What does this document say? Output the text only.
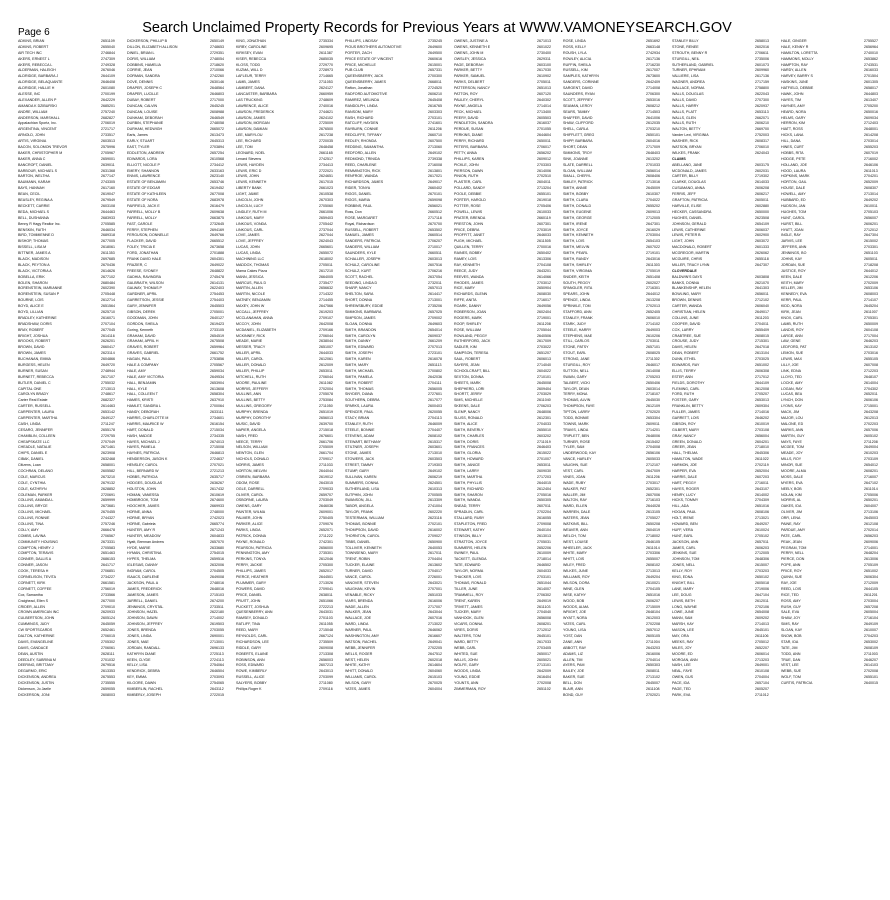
Page 6	Search Unclaimed Property Records for Previous Years at WWW.VAMONEYSEARCH.GOV
ADKINS, BRIAN	2651109
ADKINS, ROBERT	2655040
AIR TECH INC	2746844
AKERS, ERNEST L	2747309
AKERS, REBECCA L	2749328
ALDERMAN, HALEIGH	2676046
ALDRIDGE, BARBARA J	2644109
ALDRIDGE, BELAQUANTE	2646408
ALDRIDGE, HALLIE H	2601080
ALESSE, INC	2700199
ALEXANDER, ALLEN P	2642229
AMANDA K DZIBURSKI	2685201
ANDRE, WILLIAM	2757240
ANDERSON, MARSHALL	2682827
Appalachian Sportz, Inc.	2706019
ARGENTINA, VINCENT	2721717
ARNOLD, JOHN	2733517
ARTIS, VIRGINIA	2603513
BACON, SOLOMON TREVOR	2575996
BAKER, CHRISTOPHER M	2705967
BAKER, ANNA C	2659001
BANCROFT, DANIEL	2639011
BARBOUR, MICHAEL S	2631368
BARTON, WELTHA	2677147
BAUMANN, KARAH	2743305
BAYS, HANNAH	2617160
BEAN, CECIL	2619047
BEASLEY, REGINA A	2679549
BECKETT, CARRIE	2603108
BEDA, MICHAEL S	2644463
BELL, DUSHANNA	2683933
Benny R Hagy Realtor Inc.	2705585
BENSKIN, FAITH	2646034
BIRD, TOMMIENNE D	2689318
BISHOP, THOMAS	2677005
BISSELL, LISA M	2618061
BITTNER, JAMES A	2611353
BLACK, MADISON	2697685
BLACK, PEYTON A	2670436
BLACK, VICTORIA A	2614626
BOBELLA, ERIK	2677102
BOLEN, SHARON	2680484
BORENSTEIN, MARIANNE	2602390
BORENSTEIN, SUSAN P	2705448
BOURNE, LOIS	2612714
BOYD, ALICE E	2651564
BOYD, LILLIAN	2625710
BRADLEY, KATHERINE	2616071
BRADSHAW, DORIS	2707104
BRAY, ROBERT	2677045
BRIGHT, JOSHUA	2614116
BROOKS, ROBERT	2626201
BROWN, DAVID	2660417
BROWN, JAMES	2623114
BUCHANAN, EMMA	2604866
BURGESS, HELEN	2649720
BURNER, SUSAN	2748944
BURNETT, REBECCA	2617107
BUTLER, DANIEL C	2755032
CAPITAL ONE	2713013
CAROLYN BRADY	2748617
Carter Real Estate	2682327
CARTER, RUSSELL	2614463
CARPENTER, LAURA	2653142
CARPENTER, MARTHA	2649127
CASH, LINDA	2711247
CESARO, JENNIFER	2655178
CHAMBLIN, COLLEEN	2729755
CHEAPSKATE LLC	2707049
CHEADLE, NATALIE	2671461
CHIPS, DANIEL E	2623908
CIBAK, DANIEL	2632468
Citizens, Loan	2658001
COCHRAN, DELANO	2605582
COLE, MARCUS	2673210
COLE, CYNTHIA	2679132
COLE, KATHRYN	2628852
COLEMAN, PARKER	2720691
COLLINS, AMANDA L	2659999
COLLINS, BRYCE	2673681
COLLINS, MICHAEL	2670455
COLLINS, RONNIE	2744327
COLLINS, TINA	2757246
COLLY, AMY	2666478
COMBS, LAVINA	2706567
COMMUNITY HOUSING	2673331
COMPTON, HENRY J	2705583
COMPTON, TERAVIS	2651463
CONNER, DALLIS A	2686153
CONNER, JASON	2641717
COOK, TERESA H	2706851
CORNELISON, TEVITA	2734227
CORNETT, KIRK	2661581
CORNETT, COFFEE	2756019
Cox, Samantha	2733566
Craighead, Ellen S	2677000
CRIDER, ALLEN	2709010
CROWN AMERICAN INC	2620933
CULBERTSON, JOHN	2605124
CUMMINGS, JUDY	2645059
CW SPORTSCARDS	2652461
DALTON, KATHERINE	2706015
DAVIS, EVANGELINE	2705302
DAVIS, CANDACE	2706061
DEAN, AUSTIN	2628111
DEEDLEY, SABRINA M	2701032
DEERING, BRITTANY	2679516
DEGARMO, ERIC	2613353
DICKENSON, ANDREA	2675553
DICKENSON, JUSTIN	2735555
Dickenson, Jo Jaelle	2659055
DICKERSON, JONI	2608003
DICKERSON, PHILLIP B	2650149
DILLON, ELIZABETH ALLISON	2748653
DINIEL, BRIAN L	2729351
DORIS, WILLIAM	2748054
DOBBINS, HAMELIA	2718620
CORRIE, JEAN	2710066
DORMAN, SANDRA	2742260
DOVE, DENNIS	2630146
DRAPER, JOSEPH C	2648564
DRAPER, LUCILLE	2646803
DUBAY, ROBERT	2717000
DUNCAN, CALVIN	2645245
DUNCAN, LOUISE	2608988
DUNHAM, DEBORAH	2646549
DURBIN, STEPHANIE	2748058
DURHAM, HEDWIGH	2665072
Earls, James	2613473
EARLY, STUART	2645313
EAST, TYLER	2703894
EDDLETON, ANDREW	2657254
EDWARDS, LORA	2610568
ELLIOTT, NICOLE P	2734412
EMERY, SHANNON	2633163
ENNIS, LAWRENCE	2623140
ESTATE OF BENJAMIN	2653746
ESTATE OF EDGAR	2619452
ESTATE OF KATHLEEN	2677008
ESTATE OF NORA	2683978
FAIRFIELD, JACK E	2616479
FARRELL, MOLLY B	2609638
FARRELL, MOLLY	2663875
FAST, CAROLE	2732645
FERRY, STEPHEN	2694169
FERGUSON, DONNELLE	2649766
FLACKER, DAVID	2665512
FOLEY, TRICIA E	2673658
FORD, JONATHAN	2701888
FRANK DAVID HALE	2604301
FRAZIER, C	2649022
FREESE, SYDNEY	2648822
GADHIA, RAVINDRA	2745478
GALBRAITH, WILSON	2614131
GALWAY, THOMAS P	2622403
GARDNER, APRIL	2754453
GARRETSON, JESSIE	2754403
GARY, JENNIFER	2645503
GIBSON, DEREK	2705001
GOODMAN, JOHN	2640127
GORDON, SHEILA	2619423
Goring, Kenneth	2733105
GRAHAM, DAVID	2654519
GRAHAM, APRIL H	2675508
GRAVES, ROBERT	2659964
GRAVES, GABRIEL	2661752
HAGAN, PAUL	2753856
HALE & COMPANY	2705567
HALE, AMY	2659034
HALE, AMY VICTORIA	2649534
HALL, BENJAMIN	2653904
HALL, KYLE	2613608
HALL, COLLEEN T	2658304
HAMES, KRISTI	2637910
HAMLET, SANDRA L	2700064
HANDY, DEBORAH	2633111
HARRIS, CHARLOTTE M	2734601
HARRIS, MAURICE W	2616154
HART, DONALD	2715034
HASH, MADGE	2734335
HAYES, MICHAEL J	2674013
HAYES, PAMELA	2715008
HAYNES, PATRICIA	2646813
HENDERSON, JASON K	2724637
HENSLEY, CAROL	2707021
HILL, BERNARD W	2721213
HOBBS, PATRICIA	2635717
HODGES, DOUGLAS	2636267
HOLSTON, JOHN	2617432
HOMAN, VANESSA	2610619
HOMBROOK, TOM	2674600
HOOCHER, JAMES	2669933
HORNE, ANNA	2748000
HORNE, BRYAN	2742023
HORNE, Gabriela	2665774
HUNTER, AMY R	2671243
HUNTER, MEADOW	2604833
Hyatt, Brennan Andrew	2657070
HYDE, MARIE	2633680
HYMAN, CHRISTINA	2754015
HYPES, THELMA	2659516
IGLESIAS, DANNY	2632006
INGRAM, CAROL	2704505
ISAACS, DARLENE	2649008
JACKSON, PAUL A	2748016
JAMES, FREDERICK	2648016
JAMESON, JAMES	2715103
JARRELL, DANIEL	2674200
JENNINGS, CRYSTAL	2733511
JOHNSON, HAZEL	2622180
JOHNSON, DAWN	2714002
JOHNSON, JEFFREY	2619503
JONES, BRENDA	2703055
JONES, LINDA	2690001
JONES, MAE	2713001
JORDAN, RANDALL	2696133
KATHRYN DIANE	2725113
KEEN, CLYDE	2724113
KELLY, LISA	2754064
KENDRICK, DEBRA	2646504
KEY, EMMA	2703093
KILGORE, DAWN	2754065
KIMBERLIN, RACHEL	2643112
KIMBERLY, JOSEPH	2722015
KING, JONATHAN	2735334
KIRBY, CAROLINE	2609695
KIRKSEY, EVAN	2611387
KISER, REBECCA	2685035
KLOSS, TODD	2729770
KUZMA, WILL D	2728973
LAFLEUR, TERRY	2714665
LAMB, JAMES	2711053
LAMBERT, DANA	2624127
LANCASTER, BARBARA	2660959
LAS TRUCKING	2748609
LAWRENCE, ALICE	2740016
LAWSON, FREDERICK	2744621
LAWSON, JAMES	2624102
LAWSON, MORGAN	2725009
LAWSON, DAMIAN	2676500
LEE, MARYLOU	2617238
LEE, RICHARD	2720035
LEE, TOM	2648458
LEONARD, NOEL	2661165
Lenard Stevens	2742517
LEWIS, HAYDEN	2734413
LEWIS, ERIC D	2722021
LEWIS, JOHN	2624651
LEWIS, KENNETH	2617015
LIBERTY BANK	2661023
LIGHT, JAMIE	2610538
LINCOLN, JOHN	2670303
LINCOLN, LUCY	2705060
LINDLEY, RUTH M	2661006
LINKOUS, MARY	2659403
LINKOUS, VONDA	2705442
LINKOUS, CARL	2737044
LOVE, JAMES	2627044
LOVE, JEFFREY	2624043
LUCAS, JOHN	2665601
LUCAS, LINDA	2655072
MACHINING LLC	2618002
MADDOX, THOMAS	2705011
Mama Cakes Pizza	2617210
MANN, JESSICA	2664005
MARCUS, PAUL D	2735477
MARTIN, ALLEN	2656632
MARTIN, NICOLE	2714322
MATNEY, BENJAMIN	2714455
MAXEY, JOHN W	2647566
MCCALL, JEFFREY	2619203
MCCLANAHAN, ANNA	2709107
MCCOY, JOHN	2642008
MCDANIEL, ELIZABETH	2709166
MCKINNEY, RICK	2706044
MEADE, MARIE	2638044
MESSER, TRACY	2651007
MILLER, APRIL	2644033
MILLER, CAROL	2612061
MILLER, DONALD	2612009
MILLER, PHILLIP	2653011
MITCHELL, RUTH	2706044
MOORE, PAULINE	2611082
MORRIS, JEFFERY	2702004
MULLINS, ANN	2705078
MULLINS, BETTY	2753084
MULLINS, GREGORY	2711050
MURPHY, BRENDA	2651019
MURPHY, DOROTHY	2656013
MUSIC, DAVID	2639700
NAPIER, ANGELA	2715018
NASH, FRED	2676601
NEECE, TERRY	2661706
NELSON, WILLIAM	2705009
NEWTON, GLEN	2661704
NICHOLS, DONALD	2709017
NORRIS, JAMES	2711033
NORTON, MELVIN	2644044
O'BRIEN, BARBARA	2619012
ODOM, ROSE	2643015
OGLE, DARRELL	2709033
OLIVER, CAROL	2659707
OSBORNE, LAURA	2703049
OWENS, GARY	2646036
PAINTER, WILMA	2609001
PALMER, JOHN	2750405
PARKER, ALICE	2709076
PARKS, LINDA	2652071
PATRICK, DONNA	2711222
PAYNE, RONALD	2742301
PEARSON, PATRICIA	2656000
PENNINGTON, AMY	2735301
PERKINS, TONYA	2612046
PERRY, JACKIE	2705300
PHILLIPS, JAMES	2652017
PIERCE, HEATHER	2644501
PLUMMER, GARY	2713026
POWERS, DAVID	2709041
PRICE, DANIEL	2638011
PRUITT, JOHN	2651066
PUCKETT, JOSHUA	2722213
QUESENBERRY, ANN	2643031
RAMSEY, DONALD	2701103
RATLIFF, TINA	2611055
REED, MARY	2715048
REYNOLDS, CARL	2667124
RICHARDSON, LEE	2735509
RIDDLE, GARY	2609008
ROBERTS, ELAINE	2713308
ROBINSON, ANN	2656003
ROSS, EDWARD	2607213
ROWE, KIMBERLY	2643013
RUSSELL, ALICE	2703099
SALYERS, BOBBY	2711080
Phillips Roger K	2709116
PHILLIPS, LINDSAY	2735245
PIOUS BROTHERS AUTOMOTIVE	2649600
PORTER, ZACH	2649500
PRICE ESTATE OF VINCENT	2660616
PRICE, MICHELLE	2615001
PUB CLUB	2657331
QUEENSBERRY, JACK	2700300
QUEENSBERRY, JAMES	2668011
Rafton, Jonathan	2724520
RADFORD AUTOMOTIVE	2606210
RAMIREZ, MELINDA	2645408
RANDOLPH, LINDA	2616765
RANSOM, MARY	2603303
RASH, RICHARD	2703101
RATCLIFF, HAYDEN	2741601
RAYBURN, CONNIE	2611206
REDCLIFFE, TIFFANY	2660710
REDLEY, RHONDA	2607500
REDDING, SAMANTHA	2713060
REDFORD, ALLEN	2649102
REDMOND, TRINIDA	2739338
REED, CHARLENE	2716008
REMMINGTON, RICK	2613801
RENFROE, WANDA	2617021
RICHARDSON, JAMES	2649017
RIDER, TONYA	2660402
RIGGS, DANIEL	2670101
RIGGS, MARIA	2659098
ROBBINS, PAUL	2656021
Ross, Don	2660512
ROSE, MARGARET	2717118
Royal, Richardson	2670700
RUSSELL, ROBERT	2653502
SAMUEL, JAMES	2660514
SANDERS, PATRICIA	2706207
SANDERS, WILLIAM	2710017
SAUNDERS, KYLE	2660511
SCHALLER, JOSEPH	2603013
SCHULZ, CAROLINE	2607516
SCHULZ, KURT	2706216
SCOTT, RACHEL	2637054
SEEDING, LINDA D	2732011
SHARP, NANCY	2657013
SHELTON, SARA	2614417
SHORT, DONNA	2713001
SHREWSBURY, EDDIE	2735206
SIMMONS, BARBARA	2657025
SIMPSON, JAMES	2709002
SLOAN, DONNA	2649603
SMITH, BRANDON	2654014
SMITH, CAROLYN	2609037
SMITH, DANNY	2661209
SMITH, EDWARD	2707013
SMITH, JOSEPH	2723101
SMITH, KAREN	2616078
SMITH, MARY	2651113
SMITH, MICHAEL	2700802
SMITH, PAMELA	2642036
SMITH, ROBERT	2704111
SMITH, THOMAS	2656005
SNYDER, DIANA	2727601
SOUTHERN, DEBRA	2617077
SPARKS, LAURA	2600403
SPENCER, PAUL	2620055
STACY, BRIAN	2704113
STANLEY, RUTH	2646009
STEELE, BONNIE	2704407
STEVENS, ADAM	2608102
STEWART, BETHANY	2615317
STILTNER, JOSEPH	2603601
STONE, JAMES	2713010
STOWERS, JACK	2603503
STREET, TAMMY	2719303
STUMP, GARY	2649102
SULLIVAN, KAREN	2606219
SUMMERS, DONNA	2624501
SUTHERLAND, LISA	2610313
SUTPHIN, JOHN	2700505
SWANSON, JILL	2613309
TABOR, ANGELA	2741004
TAYLOR, FRANK	2602220
TESTERMAN, WILLIAM	2623116
THOMAS, BONNIE	2702101
THOMPSON, DAVID	2616002
THORNTON, CAROL	2709027
TIBBS, DANIEL	2650900
TOLLIVER, KENNETH	2640053
TOWNSEND, MARY	2617011
TRENT, ROBIN	2704404
TUCKER, ELAINE	2613602
TURNER, DAVID	2704017
VANCE, CAROL	2726001
VANOVER, STEVEN	2643021
VAUGHAN, KEVIN	2707001
VENABLE, RICKY	2651033
VIARS, BRENDA	2616006
WADE, ALLEN	2717007
WALKER, JEAN	2643044
WALLACE, JOE	2607016
WARD, LINDA	2713022
WARNER, PAUL	2646062
WASHINGTON, AMY	2616607
WATSON, RACHEL	2649041
WEBB, JENNIFER	2702205
WELLS, ROGER	2647512
WEST, HELEN	2602018
WHITE, KATHY	2614604
WHITT, DONALD	2604060
WILLIAMS, CAROL	2615103
WILSON, GARY	2670025
YATES, JAMES	2604004
OWENS, JUSTINE A	2671013
OWENS, KENNETH E	2601022
OWENS, JOHN M	2730400
OWSLEY, JESSICA	2629311
PAGE, DEBORAH	2603100
PARKER, BETTY	2617030
PARKER, SAMUEL	2610902
PARKS, DELBERT	2705011
PATTERSON, NANCY	2651013
PATTON, ROY	2607120
PAULEY, CHERYL	2640302
PAYNE, ANGELA	2714014
PECK, MICHAEL	2713400
PEERY, DAVID	2605503
PENDLETON, SANDRA	2616037
PERDUE, SUSAN	2701055
PERKINS, DIANE	2644604
PERRY, RICHARD	2650011
PETERS, BARBARA	2706017
PETTY, ANNA	2656202
PHILLIPS, KAREN	2609012
PICKLE, JOHN	2703303
PIERSON, DAWN	2614006
PINION, RUTH	2702510
PLASTER, CARL	2604011
POLLARD, SANDY	2713204
POOLE, DEBBIE	2655101
PORTER, HAROLD	2619018
POTTER, ROSE	2705406
POWELL, LEWIS	2610033
PRATER, BRENDA	2660119
PRESTON, JOHN	2607301
PRICE, DEBRA	2703019
PROFFITT, JANET	2646033
PUGH, MICHAEL	2611505
QUILLEN, TERRY	2700016
RAINES, BOBBY	2650402
RAMEY, LOIS	2613306
RAY, KENNETH	2704108
REECE, JUDY	2643201
REEVES, WANDA	2614066
RHODES, JAMES	2703012
RICE, MARY	2650904
RICHARDS, GLENN	2608030
RIFFE, ANITA	2716017
ROARK, DANNY	2649056
ROBERSON, JOAN	2602404
ROGERS, MARK	2719001
ROOP, SHIRLEY	2611208
ROSE, WILLIAM	2705044
ROWLAND, PEGGY	2640506
RUTHERFORD, JACK	2617009
SADLER, KIM	2703022
SAMPSON, TERESA	2651207
SAUL, ROBERT	2606013
SAYERS, JEAN	2714040
SCHOOLCRAFT, BILL	2604022
SEXTON, DONNA	2710101
SHEETS, MARK	2645008
SHEPHERD, LORI	2609404
SHORTT, JERRY	2703029
SIMS, MICHELLE	2611040
SKEENS, DALE	2706203
SLEMP, NANCY	2648006
SLUSS, RONALD	2612301
SMITH, ALICE	2704033
SMITH, BEVERLY	2655010
SMITH, CHARLES	2603202
SMITH, DORIS	2711019
SMITH, FRANCES	2646403
SMITH, GLORIA	2615022
SMITH, HOWARD	2701007
SMITH, JANICE	2653011
SMITH, LARRY	2609030
SMITH, MARTHA	2717203
SMITH, PHYLLIS	2644015
SMITH, RICHARD	2612404
SMITH, SHARON	2705016
SMITH, WANDA	2650305
SNEAD, TERRY	2607011
SPRADLIN, CARL	2702204
STALLARD, RUBY	2616055
STAPLETON, FRED	2709008
STEWART, KATHY	2640104
STINSON, BILLY	2613013
STRATTON, JOYCE	2705031
SUMMERS, HELEN	2652206
SWINEY, PAUL	2610009
TACKETT, GLENDA	2718014
TATE, EDWARD	2646502
TAYLOR, NORMA	2604033
THACKER, LOIS	2703101
THOMAS, RONALD	2651044
TILLER, JUNE	2614007
TRAMMELL, ROY	2706302
TRENT, KAREN	2649019
TRIVETT, JAMES	2611103
TUCKER, MARY	2704040
VANHOOK, GLEN	2656008
VICARS, DONNA	2608201
VIRES, DORIS	2712012
WALTERS, TOM	2645101
WARD, BETTY	2617033
WEBB, CARL	2703405
WHITED, SUE	2650017
WILLIS, JOHN	2605021
WOLFE, GARY	2713101
WOODS, LINDA	2642009
YOUNG, EDDIE	2616404
YOUNTS, ANN	2702008
ZIMMERMAN, ROY	2651102
ROSE, LINDA	2651692
ROSS, KELLY	2663148
ROUSH, LYLA	2742934
ROWLEY, ALICIA	2617136
RUFFIN, SHEILA	2716230
RUSSELL, KIM	2617007
SAMPLES, KATHRYN	2673600
SANDERS, CORINNE	2642409
SARGENT, DAVID	2714008
SAUNDERS, RYAN	2706300
SCOTT, JEFFREY	2653016
SEAMAN, LEROY	2608212
SEARS, TAMMY	2714503
SHAFFER, DAVID	2641006
SHAW, CLIFFORD	2612035
SHELL, CARLA	2703210
SHIFFLETT, GREG	2650101
SHIPP, BARBARA	2604016
SHORT, DEAN	2717009
SIMMONS, TROY	2648403
SINK, JOANNE	2613202
SLATE, DARRELL	2701033
SLOAN, WILLIAM	2656014
SMALL, CHERYL	2608406
SMILEY, PATRICK	2713016
SMITH, ANNIE	2645009
SMITH, BOBBY	2610307
SMITH, CLARA	2704022
SMITH, DONALD	2655202
SMITH, EUGENE	2609013
SMITH, GEORGE	2712005
SMITH, IRENE	2647301
SMITH, JOYCE	2616029
SMITH, KENNETH	2703004
SMITH, LOIS	2654103
SMITH, MELVIN	2607022
SMITH, PEARL	2719101
SMITH, RANDY	2643016
SMITH, SHIRLEY	2611303
SMITH, VIRGINIA	2705019
SNIDER, KEITH	2651408
SOUTH, PEGGY	2602027
SPANGLER, RITA	2716301
SPEARS, JOHN	2644012
SPENCE, LINDA	2613208
SPRINKLE, TOM	2702013
STAFFORD, ANN	2652405
STANLEY, FRANK	2606010
STARK, JUDY	2714102
STEELE, HARRY	2649003
STEPHENS, MAE	2610206
STILL, CARLOS	2703011
STONE, PATSY	2657101
STOUT, EARL	2608025
STRONG, JANE	2711302
STURGILL, ROY	2646017
SUTTON, NELL	2614008
SWAIN, GARY	2705203
TALBERT, VICKI	2650406
TAYLOR, DEAN	2603014
TERRY, MONA	2718107
THOMAS, ALVIN	2645030
THOMPSON, FAYE	2612109
TIPTON, LARRY	2702020
TODD, BONNIE	2653304
TOWNS, MARK	2609011
TRAVIS, LINDA	2714201
TRIPLETT, BEN	2648006
TURNER, ROSE	2615402
TYLER, SAM	2704008
UNDERWOOD, KAY	2656106
VANCE, HARLEY	2605033
VAUGHN, SUE	2712107
VEST, CARL	2647009
VINES, JOAN	2611206
WADE, RUBY	2703017
WALKER, PAT	2652301
WALLER, JIM	2607006
WALTON, RAY	2716103
WARD, ELLEN	2644028
WARREN, DALE	2613105
WATERS, JEAN	2705027
WATKINS, BILL	2650208
WEAVER, ANN	2604019
WELCH, TOM	2718002
WEST, LOUISE	2646105
WHEELER, JACK	2611014
WHITE, MARY	2703306
WHITT, LOIS	2655007
WILEY, FRED	2608102
WILKES, JUNE	2713013
WILLIAMS, ROY	2649204
WILSON, DORA	2610021
WINE, GLEN	2704105
WISE, KATHY	2651016
WOOD, BOB	2606207
WOODS, ALMA	2715009
WRIGHT, JOE	2648104
WYATT, NORA	2612003
YATES, CARL	2702208
YOUNG, LISA	2657012
YOST, DAN	2605105
ZANE, ANN	2711004
ABBOTT, RAY	2643203
ADAMS, LIZ	2616006
ALLEN, TIM	2704014
AYERS, PAM	2650303
BAILEY, JOE	2608011
BAKER, SUE	2713102
BELL, DON	2645007
BLAIR, ANN	2611108
BOND, GUY	2702021
STANLEY BILLY	2658013
STONE, RENEE	2602016
STROUTH, BENNY R	2706611
STURGILL, NEIL	2735006
SUTHERLAND, GABRIEL	2601073
TURNER, EPHRAIM	2609960
VALLIERE, LISA	2617136
WAGNER, ANDREA	2717159
WALLACE, NORMA	2758800
WALLS, DOUGLAS	2622043
WALLS, DAVID	2707300
WALLS, HARRY	2620937
WALLS, PLATT	2653113
WALLS, GLEN	2662071
WALLS, RUTH	2606210
WALTON, BETTY	2669700
Vander Lexi, VIRGINIA	2752003
WASHER, RICK	2608317
WATSON, BRYAN	2706010
WILKES, FRANK	2624043
CLAIMS
ABELLANO, JANE	2603175
MCDONALD, JAMES	2602031
CARTER, BILLY	2719302
CLARKE, DOUGLAS	2614033
CUSUMANO, ANNA	2606208
FERRIS, JEFF	2606217
GRAFTON, PATRICIA	2605011
HARVILLE, ELISE	2602880
HECKER, CASSANDRA	2650000
HUGHES, DANIEL	2623508
JOHNSON, GERALD	2654109
LEWIS, CATHERINE	2606037
LEWIS, PETER B	2602900
LIGHT, JOHN	2603072
MACDONALD, ROBERT	2601333
MCGREGOR, MARTIN	2626062
MCGUIRE, CHRIS	2655118
MILLER, TRACY LYNN	2647307
CLOVERDALE
BALDWIN'S DAYS	2603808
BANKS, DONNA	2621070
BLANKENSHIP, HELEN	2641303
BOWLING, MARY	2656011
BROWN, DENNIS	2712102
CARTER, WANDA	2606040
CHRISTIAN, HELEN	2649017
COLLINS, JUNE	2611203
COOPER, DAVID	2704011
COX, LARRY	2655409
CRABTREE, SUE	2608015
CROUSE, JUDY	2715301
DAVIS, HELEN	2647018
DEAN, ROBERT	2613104
DUNN, ETHEL	2703025
EDWARDS, RAY	2651002
ELLIS, TERRY	2606308
ESTEP, ANN	2717012
FIELDS, DOROTHY	2644109
FLEMING, CARL	2612008
FORD, RUTH	2705207
FOSTER, GARY	2653013
FRANKLIN, BETTY	2609304
FULLER, JAMES	2714016
GARRETT, LOIS	2646202
GIBSON, ROY	2610019
GILBERT, MARY	2703108
GRAY, NANCY	2656004
GREEN, DONALD	2604201
GREER, JEAN	2718010
HALL, THELMA	2645306
HAMILTON, WADE	2611022
HARMON, JOE	2702119
HARPER, EVA	2652004
HARRIS, DALE	2607203
HART, PEGGY	2716011
HAYES, ROGER	2643107
HENRY, LUCY	2614002
HICKS, TOMMY	2704309
HILL, ADA	2651016
HOGAN, PAUL	2608106
HOLT, IRENE	2713021
HOWARD, BEN	2649207
HUFF, VERA	2610024
HUNT, EARL	2705102
JACKSON, ANN	2657011
JAMES, CARL	2606203
JENKINS, SUE	2712005
JOHNSON, TOM	2648306
JONES, NELL	2615007
KELLY, ROY	2703203
KING, EDNA	2650102
KNIGHT, BILL	2605018
LANE, MARY	2719006
LEE, DOUG	2647104
LEWIS, BETH	2612011
LONG, WAYNE	2702106
LOWE, JUNE	2654008
MANN, SAM	2609202
MARSH, KAY	2714013
MASON, LEE	2645101
MAY, ORA	2611106
MEEKS, RAY	2705012
MILES, JOY	2652207
MOORE, ED	2606014
MORGAN, ANN	2713203
NASH, LEE	2649001
NEAL, FAYE	2610108
OWEN, GUS	2704004
PACE, IDA	2657104
PAGE, TED	2605207
PARK, EVA	2711012
HALE, GINGER	2755527
HALE, KENNY R	2656964
HAMILTON, LORETTA	2740010
HAMMONS, MOLLY	2653862
HAMPTON, RAY	2743531
HARDY, ALLEN	2616033
HARVEY, BARRY S	2701504
HASKINS, JUNE	2601305
HATFIELD, DEBBIE	2658017
HAWK, JOHN	2644803
HAYES, TIM	2613407
HAYNES, AMY	2705200
HEARD, NORA	2650016
HELMS, GARY	2609034
HERRON, KIM	2712403
HIATT, ROSS	2648001
HICKS, LANA	2614208
HILL, DANA	2703014
HINES, CURT	2655203
HOBBS, RITA	2607019
HODGE, PETE	2716002
HOLLAND, JOE	2646106
HOOD, LAURA	2611013
HOPKINS, MARK	2704201
HORTON, GAIL	2652009
HOUSE, DALE	2608307
HOWELL, AMY	2713014
HUBBARD, ED	2649202
HUDSON, JAN	2610011
HUGHES, TOM	2705103
HUNT, CAROL	2656007
HURST, BILL	2606201
HYATT, JOAN	2712012
INGLE, RAY	2647304
JARVIS, LEE	2615002
JEFFERS, ANN	2703301
JENNINGS, BO	2651103
JOHNS, KAY	2605011
JORDAN, SUE	2718208
JUSTICE, ROY	2644012
KEEN, DALE	2612206
KEITH, MARY	2702009
KELLER, JIM	2653106
KENNEDY, EVA	2608003
KERR, PAUL	2714107
KIDD, NORA	2645204
KIRK, JEAN	2611007
KNOX, CARL	2705301
LAMB, RUTH	2650009
LANDIS, ROY	2604108
LARGE, ANN	2717004
LAW, GENE	2646203
LEDFORD, PAT	2613102
LEMON, SUE	2703016
LEWIS, MAX	2655105
LILLY, JOE	2607008
LINK, EDNA	2712203
LLOYD, TED	2648107
LOCKE, AMY	2614004
LOGAN, RAY	2704302
LUCAS, BEA	2652011
LYNCH, DON	2606106
LYONS, KAY	2715001
MACK, JIM	2643208
MAJOR, LOU	2612013
MALONE, ED	2702203
MARKS, ANN	2657006
MARTIN, GUY	2605102
MAYS, FAYE	2711208
MCGEE, TOM	2649004
MEADE, JOY	2610203
MILLS, ROY	2703109
MINOR, SUE	2654012
MOORE, ALMA	2608201
MOSS, DALE	2716007
MYERS, EVA	2647102
NEELY, BOB	2611014
NOLAN, KIM	2705006
NORRIS, AL	2650201
OAKES, IDA	2604007
OLIVER, JIM	2713106
ORR, LENA	2645003
PAINE, RAY	2612108
PARDUE, AMY	2702014
PATE, CARL	2656203
PEAK, JEAN	2609006
PEGRAM, TOM	2714001
PERRY, NELL	2648204
PIERCE, DON	2613006
POPE, ANN	2705109
PRICE, ROY	2651002
QUINN, SUE	2606304
RAY, JOE	2712009
REED, LOIS	2644105
RICE, TED	2611201
ROSS, AMY	2703004
RUSH, GUY	2657208
SALE, EVA	2605004
SHAW, JOY	2716104
SIMS, RAY	2649109
SLOAN, KAY	2610007
SNOW, BOB	2704203
STAR, IDA	2653002
TATE, JIM	2608109
TODD, ANN	2711003
TRUE, DAN	2646207
VEST, LEE	2614103
WEBB, SUE	2702008
WOLF, TOM	2655101
CURTIS, PATRICIA	2640015
